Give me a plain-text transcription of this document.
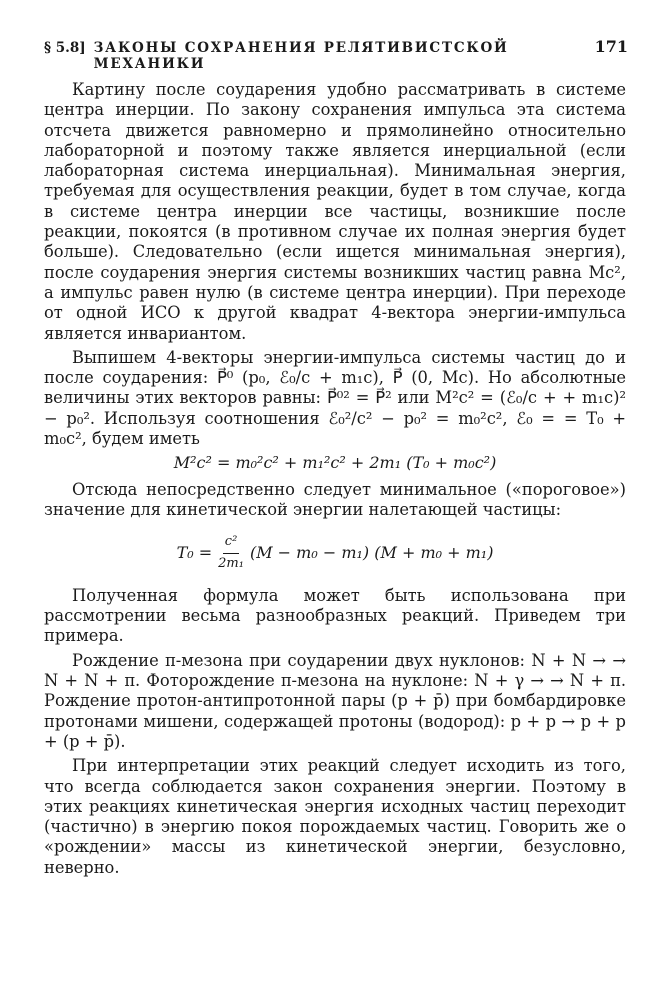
§ 5.8] ЗАКОНЫ СОХРАНЕНИЯ РЕЛЯТИВИСТСКОЙ МЕХАНИКИ
171

Картину после соударения удобно рассматривать в системе центра инерции. По закону сохранения импульса эта система отсчета движется равномерно и прямолинейно относительно лабораторной и поэтому также является инерциальной (если лабораторная система инерциальная). Минимальная энергия, требуемая для осуществления реакции, будет в том случае, когда в системе центра инерции все частицы, возникшие после реакции, покоятся (в противном случае их полная энергия будет больше). Следовательно (если ищется минимальная энергия), после соударения энергия системы возникших частиц равна Mc², а импульс равен нулю (в системе центра инерции). При переходе от одной ИСО к другой квадрат 4-вектора энергии-импульса является инвариантом.

Выпишем 4-векторы энергии-импульса системы частиц до и после соударения: P⃗⁰ (p₀, ℰ₀/c + m₁c), P⃗ (0, Mc). Но абсолютные величины этих векторов равны: P⃗⁰² = P⃗² или M²c² = (ℰ₀/c + + m₁c)² − p₀². Используя соотношения ℰ₀²/c² − p₀² = m₀²c², ℰ₀ = = T₀ + m₀c², будем иметь

M²c² = m₀²c² + m₁²c² + 2m₁ (T₀ + m₀c²)

Отсюда непосредственно следует минимальное («пороговое») значение для кинетической энергии налетающей частицы:

$T_0 = \frac{\text{c²}}{\text{2m₁}} (M - m_0 - m_1) (M + m_0 + m_1)$

Полученная формула может быть использована при рассмотрении весьма разнообразных реакций. Приведем три примера.

Рождение π-мезона при соударении двух нуклонов: N + N → → N + N + π. Фоторождение π-мезона на нуклоне: N + γ → → N + π. Рождение протон-антипротонной пары (p + p̄) при бомбардировке протонами мишени, содержащей протоны (водород): p + p → p + p + (p + p̄).

При интерпретации этих реакций следует исходить из того, что всегда соблюдается закон сохранения энергии. Поэтому в этих реакциях кинетическая энергия исходных частиц переходит (частично) в энергию покоя порождаемых частиц. Говорить же о «рождении» массы из кинетической энергии, безусловно, неверно.
